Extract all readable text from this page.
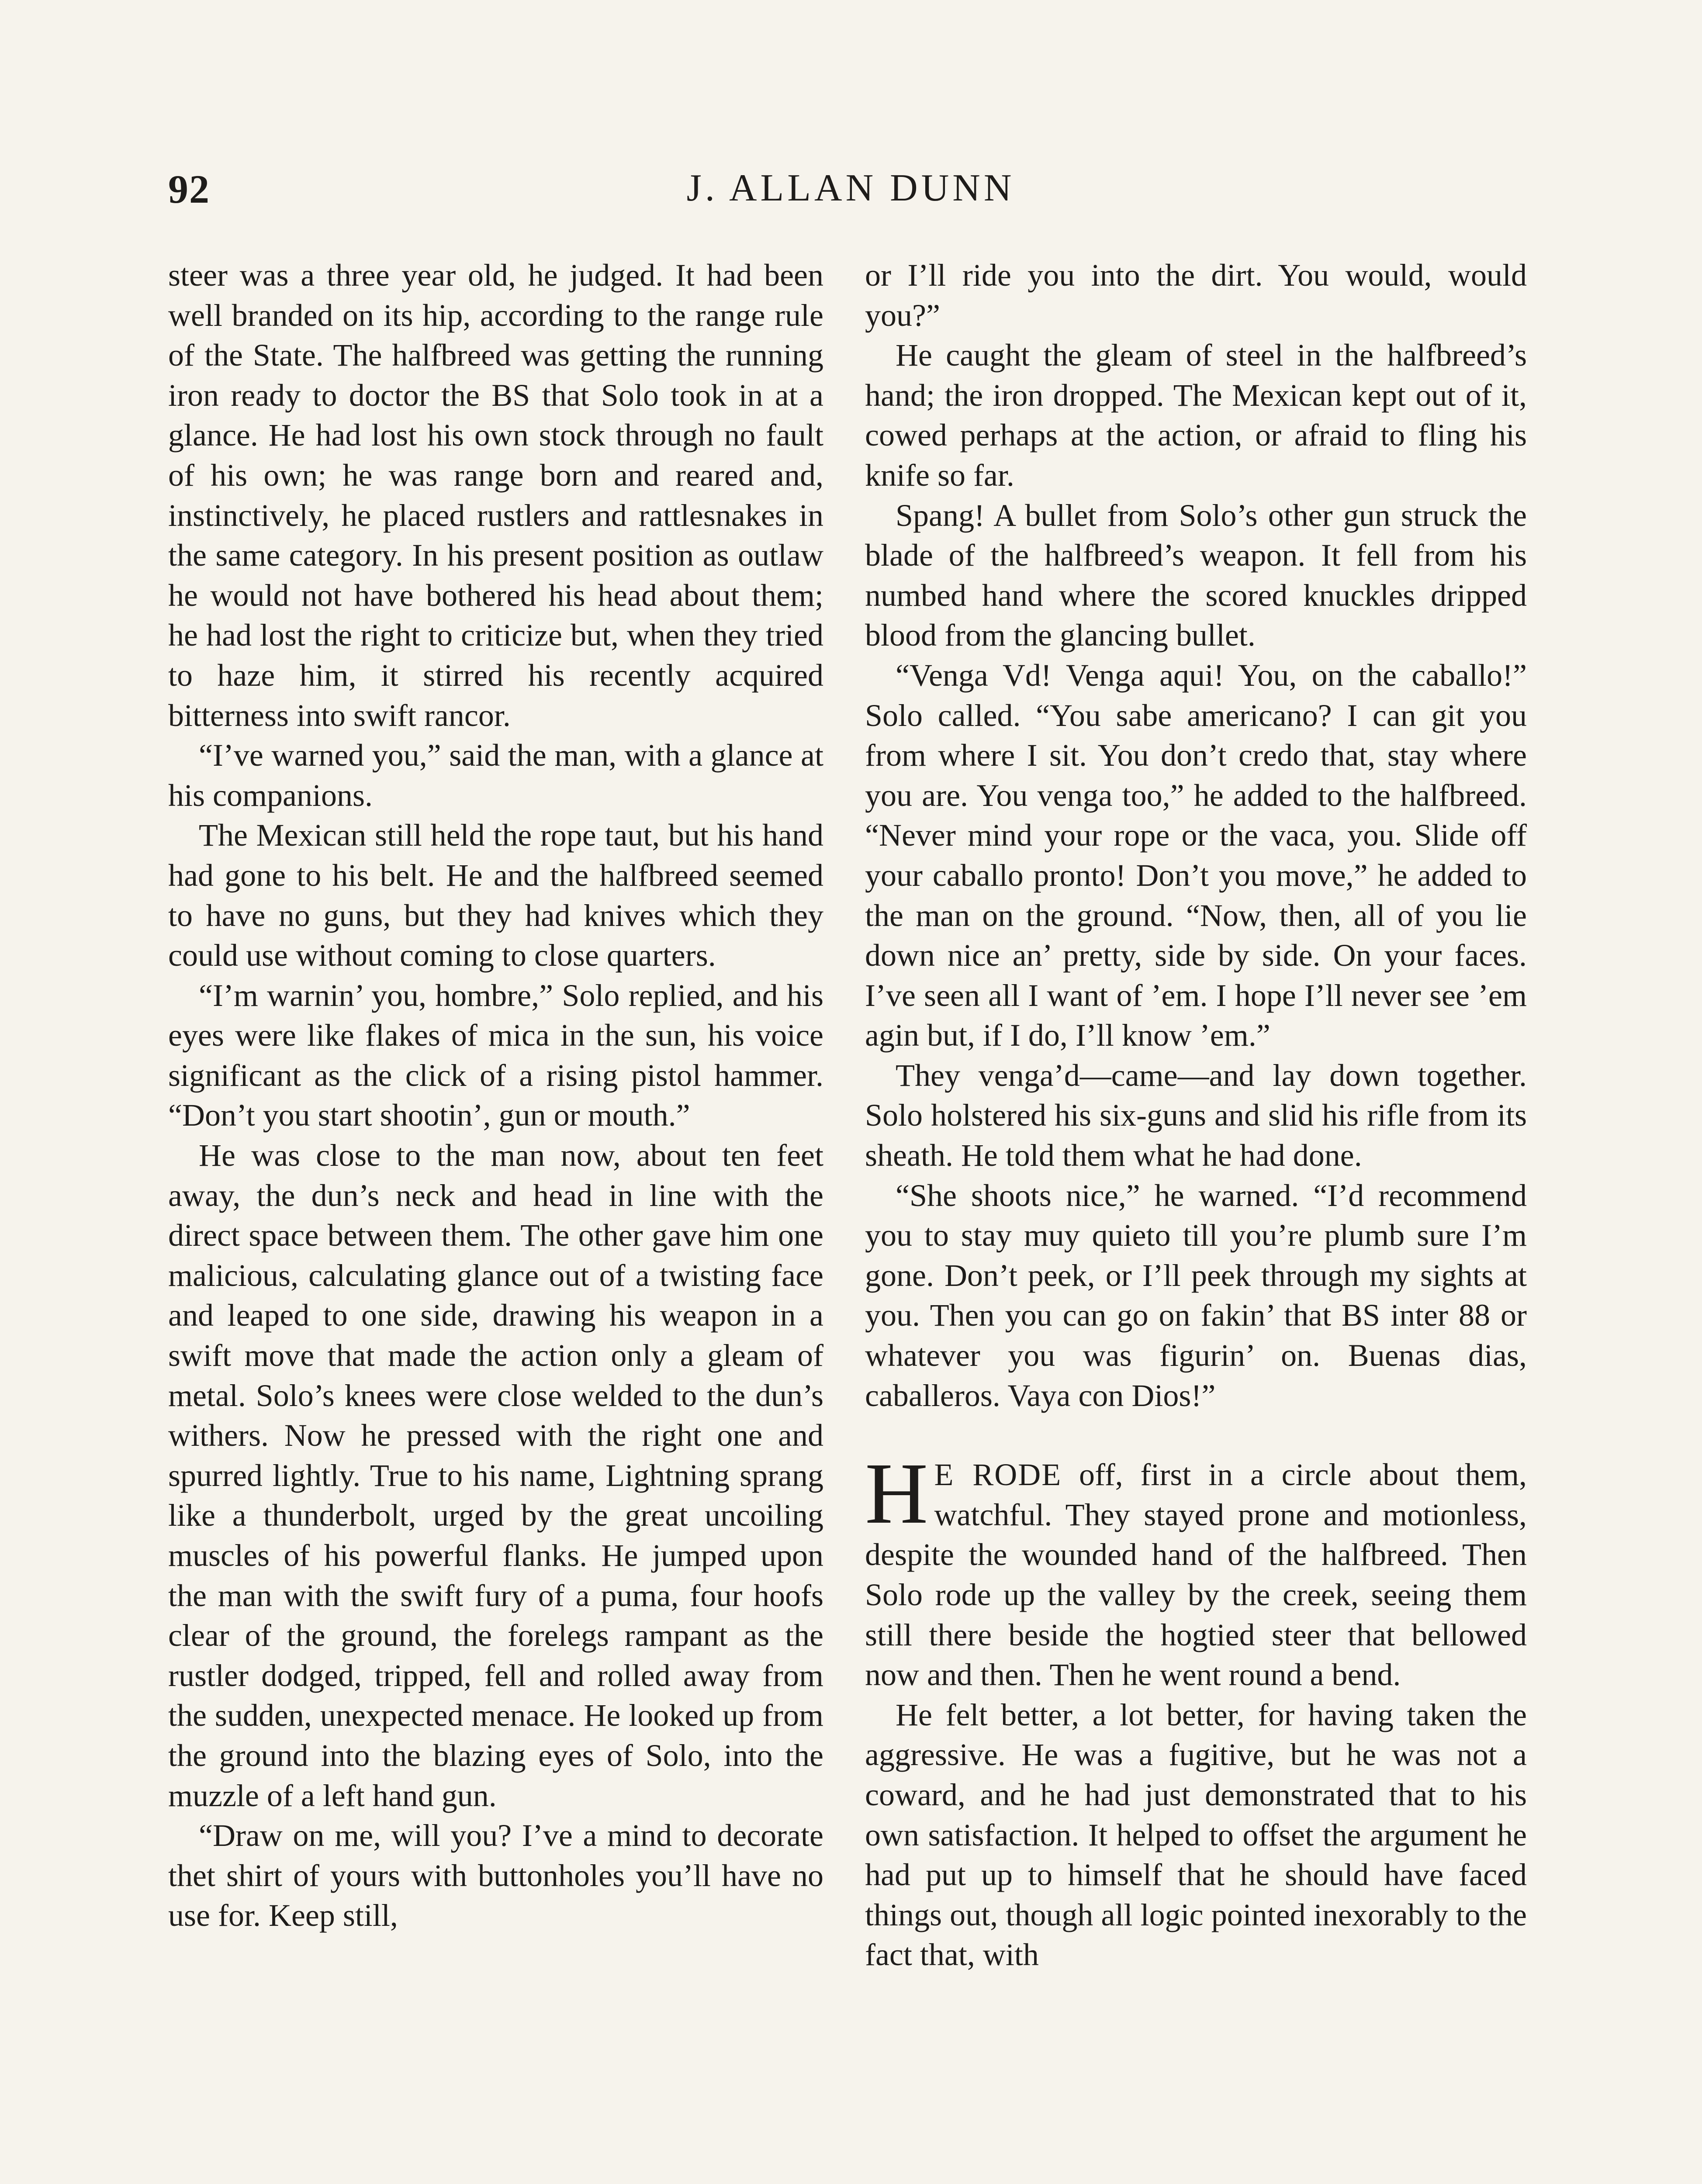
92	J. ALLAN DUNN

steer was a three year old, he judged. It had been well branded on its hip, according to the range rule of the State. The halfbreed was getting the running iron ready to doctor the BS that Solo took in at a glance. He had lost his own stock through no fault of his own; he was range born and reared and, instinctively, he placed rustlers and rattlesnakes in the same category. In his present position as outlaw he would not have bothered his head about them; he had lost the right to criticize but, when they tried to haze him, it stirred his recently acquired bitterness into swift rancor.

“I’ve warned you,” said the man, with a glance at his companions.

The Mexican still held the rope taut, but his hand had gone to his belt. He and the halfbreed seemed to have no guns, but they had knives which they could use without coming to close quarters.

“I’m warnin’ you, hombre,” Solo replied, and his eyes were like flakes of mica in the sun, his voice significant as the click of a rising pistol hammer. “Don’t you start shootin’, gun or mouth.”

He was close to the man now, about ten feet away, the dun’s neck and head in line with the direct space between them. The other gave him one malicious, calculating glance out of a twisting face and leaped to one side, drawing his weapon in a swift move that made the action only a gleam of metal. Solo’s knees were close welded to the dun’s withers. Now he pressed with the right one and spurred lightly. True to his name, Lightning sprang like a thunderbolt, urged by the great uncoiling muscles of his powerful flanks. He jumped upon the man with the swift fury of a puma, four hoofs clear of the ground, the forelegs rampant as the rustler dodged, tripped, fell and rolled away from the sudden, unexpected menace. He looked up from the ground into the blazing eyes of Solo, into the muzzle of a left hand gun.

“Draw on me, will you? I’ve a mind to decorate thet shirt of yours with buttonholes you’ll have no use for. Keep still,

or I’ll ride you into the dirt. You would, would you?”

He caught the gleam of steel in the halfbreed’s hand; the iron dropped. The Mexican kept out of it, cowed perhaps at the action, or afraid to fling his knife so far.

Spang! A bullet from Solo’s other gun struck the blade of the halfbreed’s weapon. It fell from his numbed hand where the scored knuckles dripped blood from the glancing bullet.

“Venga Vd! Venga aqui! You, on the caballo!” Solo called. “You sabe americano? I can git you from where I sit. You don’t credo that, stay where you are. You venga too,” he added to the halfbreed. “Never mind your rope or the vaca, you. Slide off your caballo pronto! Don’t you move,” he added to the man on the ground. “Now, then, all of you lie down nice an’ pretty, side by side. On your faces. I’ve seen all I want of ’em. I hope I’ll never see ’em agin but, if I do, I’ll know ’em.”

They venga’d—came—and lay down together. Solo holstered his six-guns and slid his rifle from its sheath. He told them what he had done.

“She shoots nice,” he warned. “I’d recommend you to stay muy quieto till you’re plumb sure I’m gone. Don’t peek, or I’ll peek through my sights at you. Then you can go on fakin’ that BS inter 88 or whatever you was figurin’ on. Buenas dias, caballeros. Vaya con Dios!”

H E RODE off, first in a circle about them, watchful. They stayed prone and motionless, despite the wounded hand of the halfbreed. Then Solo rode up the valley by the creek, seeing them still there beside the hogtied steer that bellowed now and then. Then he went round a bend.

He felt better, a lot better, for having taken the aggressive. He was a fugitive, but he was not a coward, and he had just demonstrated that to his own satisfaction. It helped to offset the argument he had put up to himself that he should have faced things out, though all logic pointed inexorably to the fact that, with
